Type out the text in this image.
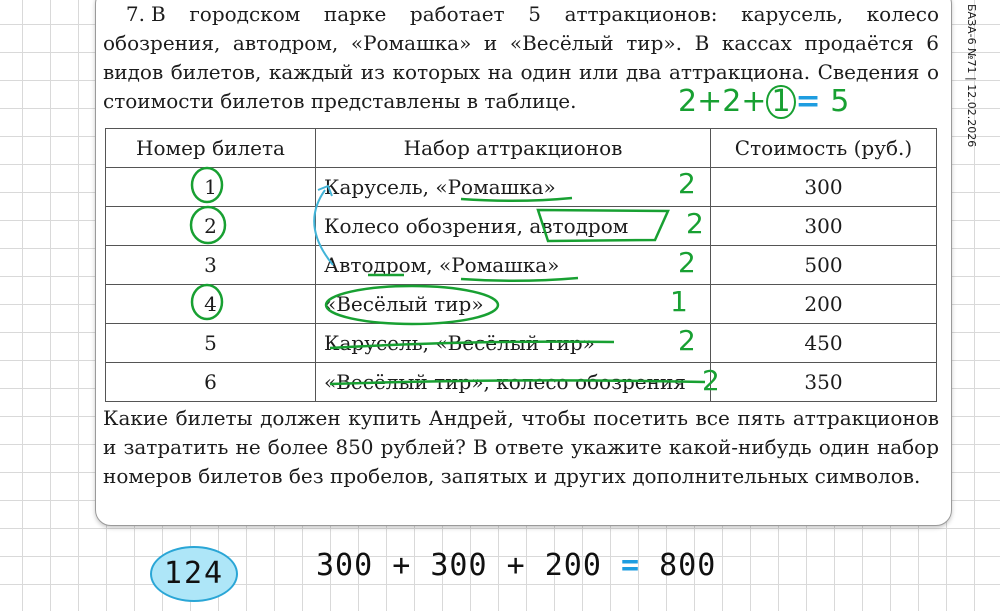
БАЗА-6 №71 | 12.02.2026

7. В городском парке работает 5 аттракционов: карусель, колесо обозрения, автодром, «Ромашка» и «Весёлый тир». В кассах продаётся 6 видов билетов, каждый из которых на один или два аттракциона. Сведения о стоимости билетов представлены в таблице.	2+2+ 1 = 5
Номер билета	Набор аттракционов	Стоимость (руб.)
1	Карусель, «Ромашка»	300
2	Колесо обозрения, автодром	300
3	Автодром, «Ромашка»	500
4	«Весёлый тир»	200
5	Карусель, «Весёлый тир»	450
6	«Весёлый тир», колесо обозрения	350
2
2
2
1
2
2

Какие билеты должен купить Андрей, чтобы посетить все пять аттракционов и затратить не более 850 рублей? В ответе укажите какой-нибудь один набор номеров билетов без пробелов, запятых и других дополнительных символов.

124	300 + 300 + 200 = 800
